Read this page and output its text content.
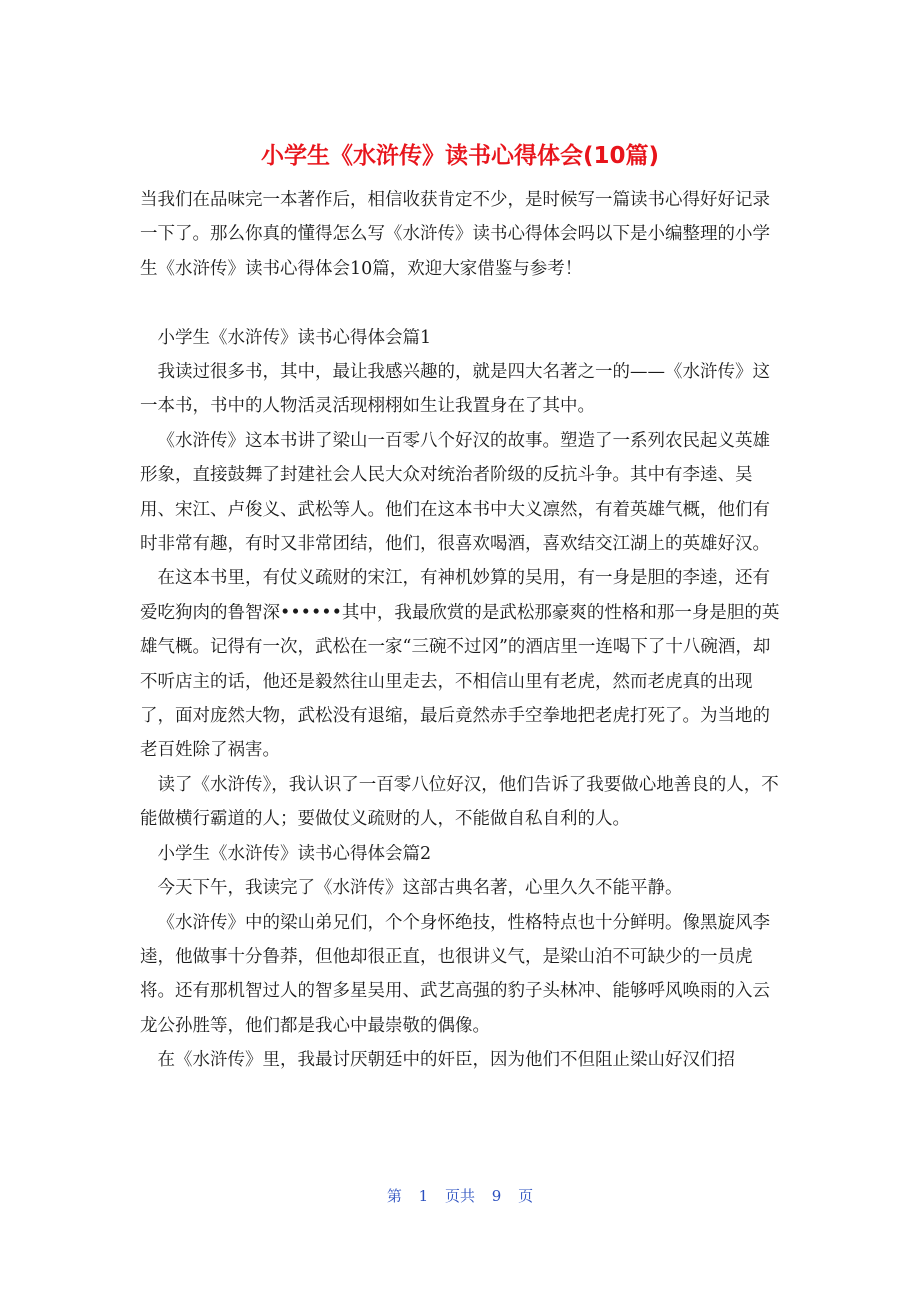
小学生《水浒传》读书心得体会(10篇)

当我们在品味完一本著作后，相信收获肯定不少，是时候写一篇读书心得好好记录一下了。那么你真的懂得怎么写《水浒传》读书心得体会吗以下是小编整理的小学生《水浒传》读书心得体会10篇，欢迎大家借鉴与参考！

小学生《水浒传》读书心得体会篇1

我读过很多书，其中，最让我感兴趣的，就是四大名著之一的——《水浒传》这一本书，书中的人物活灵活现栩栩如生让我置身在了其中。

《水浒传》这本书讲了梁山一百零八个好汉的故事。塑造了一系列农民起义英雄形象，直接鼓舞了封建社会人民大众对统治者阶级的反抗斗争。其中有李逵、吴用、宋江、卢俊义、武松等人。他们在这本书中大义凛然，有着英雄气概，他们有时非常有趣，有时又非常团结，他们，很喜欢喝酒，喜欢结交江湖上的英雄好汉。

在这本书里，有仗义疏财的宋江，有神机妙算的吴用，有一身是胆的李逵，还有爱吃狗肉的鲁智深••••••其中，我最欣赏的是武松那豪爽的性格和那一身是胆的英雄气概。记得有一次，武松在一家“三碗不过冈”的酒店里一连喝下了十八碗酒，却不听店主的话，他还是毅然往山里走去，不相信山里有老虎，然而老虎真的出现了，面对庞然大物，武松没有退缩，最后竟然赤手空拳地把老虎打死了。为当地的老百姓除了祸害。

读了《水浒传》，我认识了一百零八位好汉，他们告诉了我要做心地善良的人，不能做横行霸道的人；要做仗义疏财的人，不能做自私自利的人。

小学生《水浒传》读书心得体会篇2

今天下午，我读完了《水浒传》这部古典名著，心里久久不能平静。

《水浒传》中的梁山弟兄们，个个身怀绝技，性格特点也十分鲜明。像黑旋风李逵，他做事十分鲁莽，但他却很正直，也很讲义气，是梁山泊不可缺少的一员虎将。还有那机智过人的智多星吴用、武艺高强的豹子头林冲、能够呼风唤雨的入云龙公孙胜等，他们都是我心中最崇敬的偶像。

在《水浒传》里，我最讨厌朝廷中的奸臣，因为他们不但阻止梁山好汉们招

第 1 页共 9 页
